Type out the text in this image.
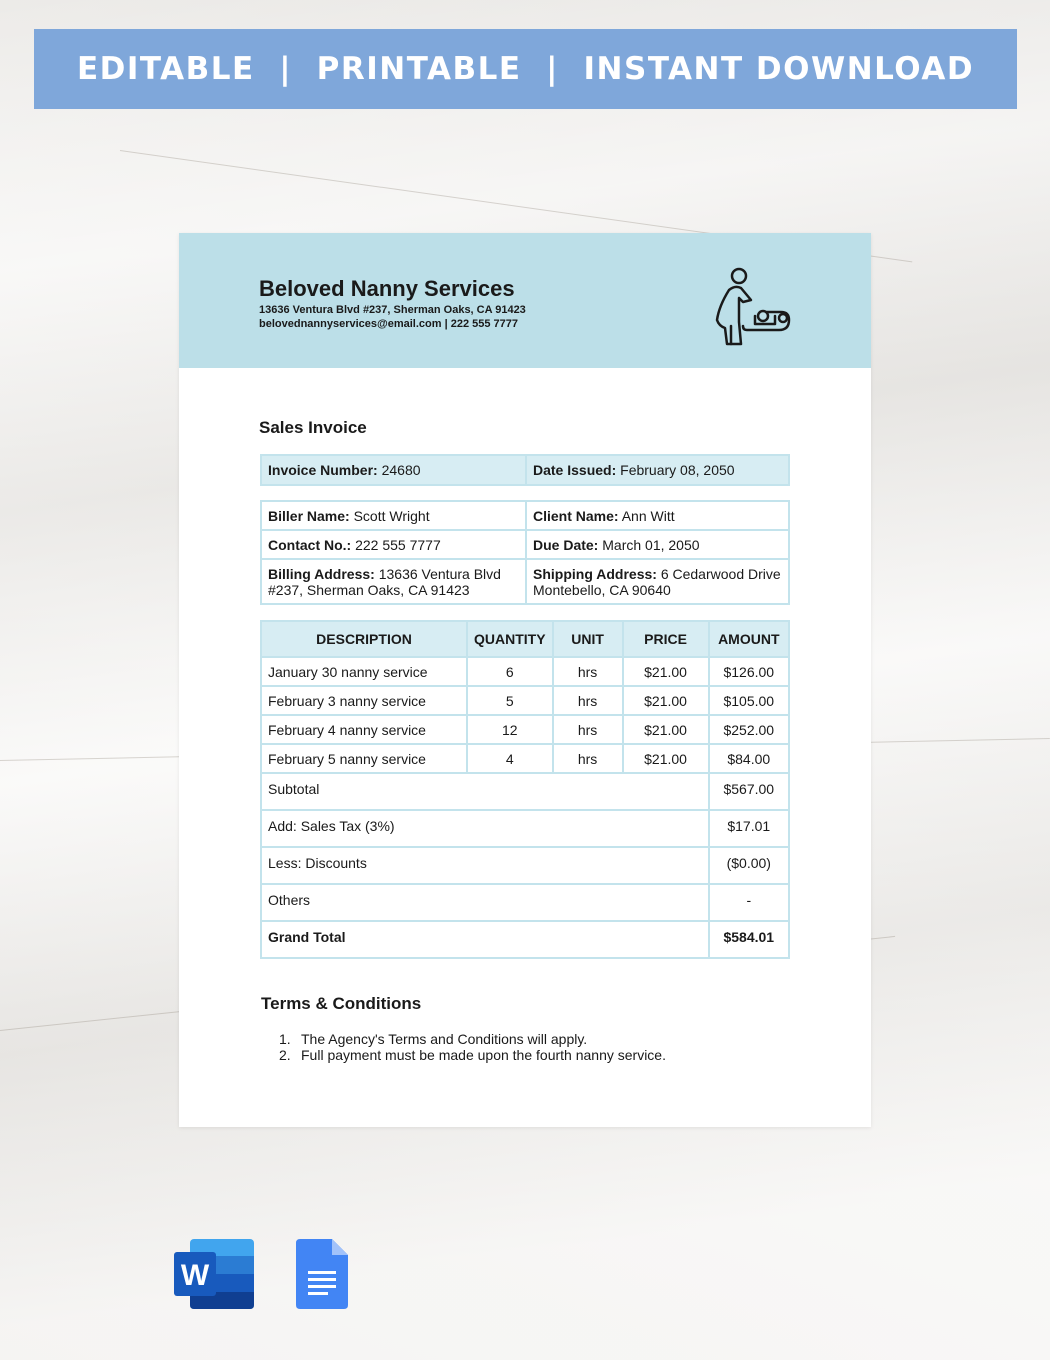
EDITABLE  |  PRINTABLE  |  INSTANT DOWNLOAD
Beloved Nanny Services
13636 Ventura Blvd #237, Sherman Oaks, CA 91423
belovednannyservices@email.com | 222 555 7777
Sales Invoice
Invoice Number: 24680	Date Issued: February 08, 2050
Biller Name: Scott Wright	Client Name: Ann Witt
Contact No.: 222 555 7777	Due Date: March 01, 2050
Billing Address: 13636 Ventura Blvd #237, Sherman Oaks, CA 91423	Shipping Address: 6 Cedarwood Drive Montebello, CA 90640
DESCRIPTION	QUANTITY	UNIT	PRICE	AMOUNT
January 30 nanny service	6	hrs	$21.00	$126.00
February 3 nanny service	5	hrs	$21.00	$105.00
February 4 nanny service	12	hrs	$21.00	$252.00
February 5 nanny service	4	hrs	$21.00	$84.00
Subtotal				$567.00
Add: Sales Tax (3%)				$17.01
Less: Discounts				($0.00)
Others				-
Grand Total				$584.01
Terms & Conditions
1. The Agency's Terms and Conditions will apply.
2. Full payment must be made upon the fourth nanny service.
W
